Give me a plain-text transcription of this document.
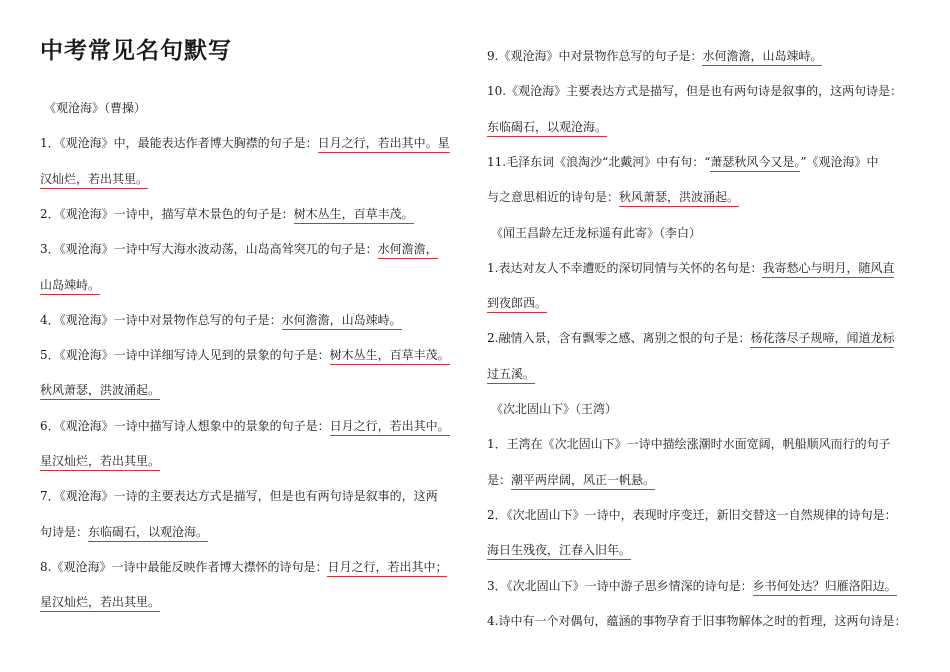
中考常见名句默写
《观沧海》（曹操）
1．《观沧海》中，最能表达作者博大胸襟的句子是：日月之行，若出其中。星
汉灿烂，若出其里。
2．《观沧海》一诗中，描写草木景色的句子是：树木丛生，百草丰茂。
3．《观沧海》一诗中写大海水波动荡，山岛高耸突兀的句子是：水何澹澹，
山岛竦峙。
4．《观沧海》一诗中对景物作总写的句子是：水何澹澹，山岛竦峙。
5．《观沧海》一诗中详细写诗人见到的景象的句子是：树木丛生，百草丰茂。
秋风萧瑟，洪波涌起。
6．《观沧海》一诗中描写诗人想象中的景象的句子是：日月之行，若出其中。
星汉灿烂，若出其里。
7．《观沧海》一诗的主要表达方式是描写，但是也有两句诗是叙事的，这两
句诗是：东临碣石，以观沧海。
8.《观沧海》一诗中最能反映作者博大襟怀的诗句是：日月之行，若出其中；
星汉灿烂，若出其里。
9.《观沧海》中对景物作总写的句子是：水何澹澹，山岛竦峙。
10.《观沧海》主要表达方式是描写，但是也有两句诗是叙事的，这两句诗是：
东临碣石，以观沧海。
11.毛泽东词《浪淘沙“北戴河》中有句：“萧瑟秋风今又是。”《观沧海》中
与之意思相近的诗句是：秋风萧瑟，洪波涌起。
《闻王昌龄左迁龙标遥有此寄》（李白）
1.表达对友人不幸遭贬的深切同情与关怀的名句是：我寄愁心与明月，随风直
到夜郎西。
2.融情入景，含有飘零之感、离别之恨的句子是：杨花落尽子规啼，闻道龙标
过五溪。
《次北固山下》（王湾）
1．王湾在《次北固山下》一诗中描绘涨潮时水面宽阔，帆船顺风而行的句子
是：潮平两岸阔，风正一帆悬。
2．《次北固山下》一诗中，表现时序变迁，新旧交替这一自然规律的诗句是：
海日生残夜，江春入旧年。
3．《次北固山下》一诗中游子思乡情深的诗句是：乡书何处达？归雁洛阳边。
4.诗中有一个对偶句，蕴涵的事物孕育于旧事物解体之时的哲理，这两句诗是：
